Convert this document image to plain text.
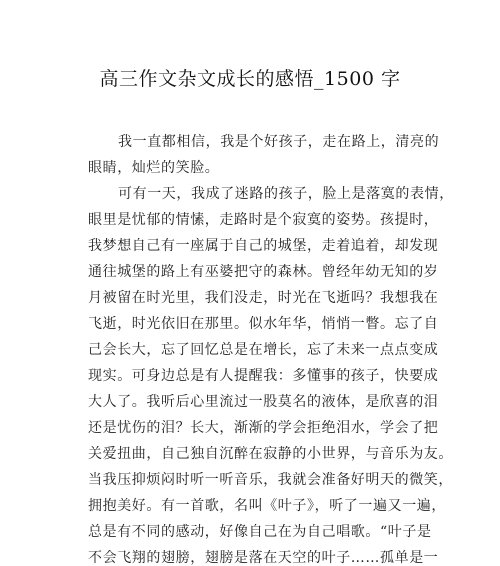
高三作文杂文成长的感悟_1500 字
我一直都相信，我是个好孩子，走在路上，清亮的
眼睛，灿烂的笑脸。
可有一天，我成了迷路的孩子，脸上是落寞的表情，
眼里是忧郁的情愫，走路时是个寂寞的姿势。孩提时，
我梦想自己有一座属于自己的城堡，走着追着，却发现
通往城堡的路上有巫婆把守的森林。曾经年幼无知的岁
月被留在时光里，我们没走，时光在飞逝吗？我想我在
飞逝，时光依旧在那里。似水年华，悄悄一瞥。忘了自
己会长大，忘了回忆总是在增长，忘了未来一点点变成
现实。可身边总是有人提醒我：多懂事的孩子，快要成
大人了。我听后心里流过一股莫名的液体，是欣喜的泪
还是忧伤的泪？长大，渐渐的学会拒绝泪水，学会了把
关爱扭曲，自己独自沉醉在寂静的小世界，与音乐为友。
当我压抑烦闷时听一听音乐，我就会准备好明天的微笑，
拥抱美好。有一首歌，名叫《叶子》，听了一遍又一遍，
总是有不同的感动，好像自己在为自己唱歌。“叶子是
不会飞翔的翅膀，翅膀是落在天空的叶子……孤单是一
